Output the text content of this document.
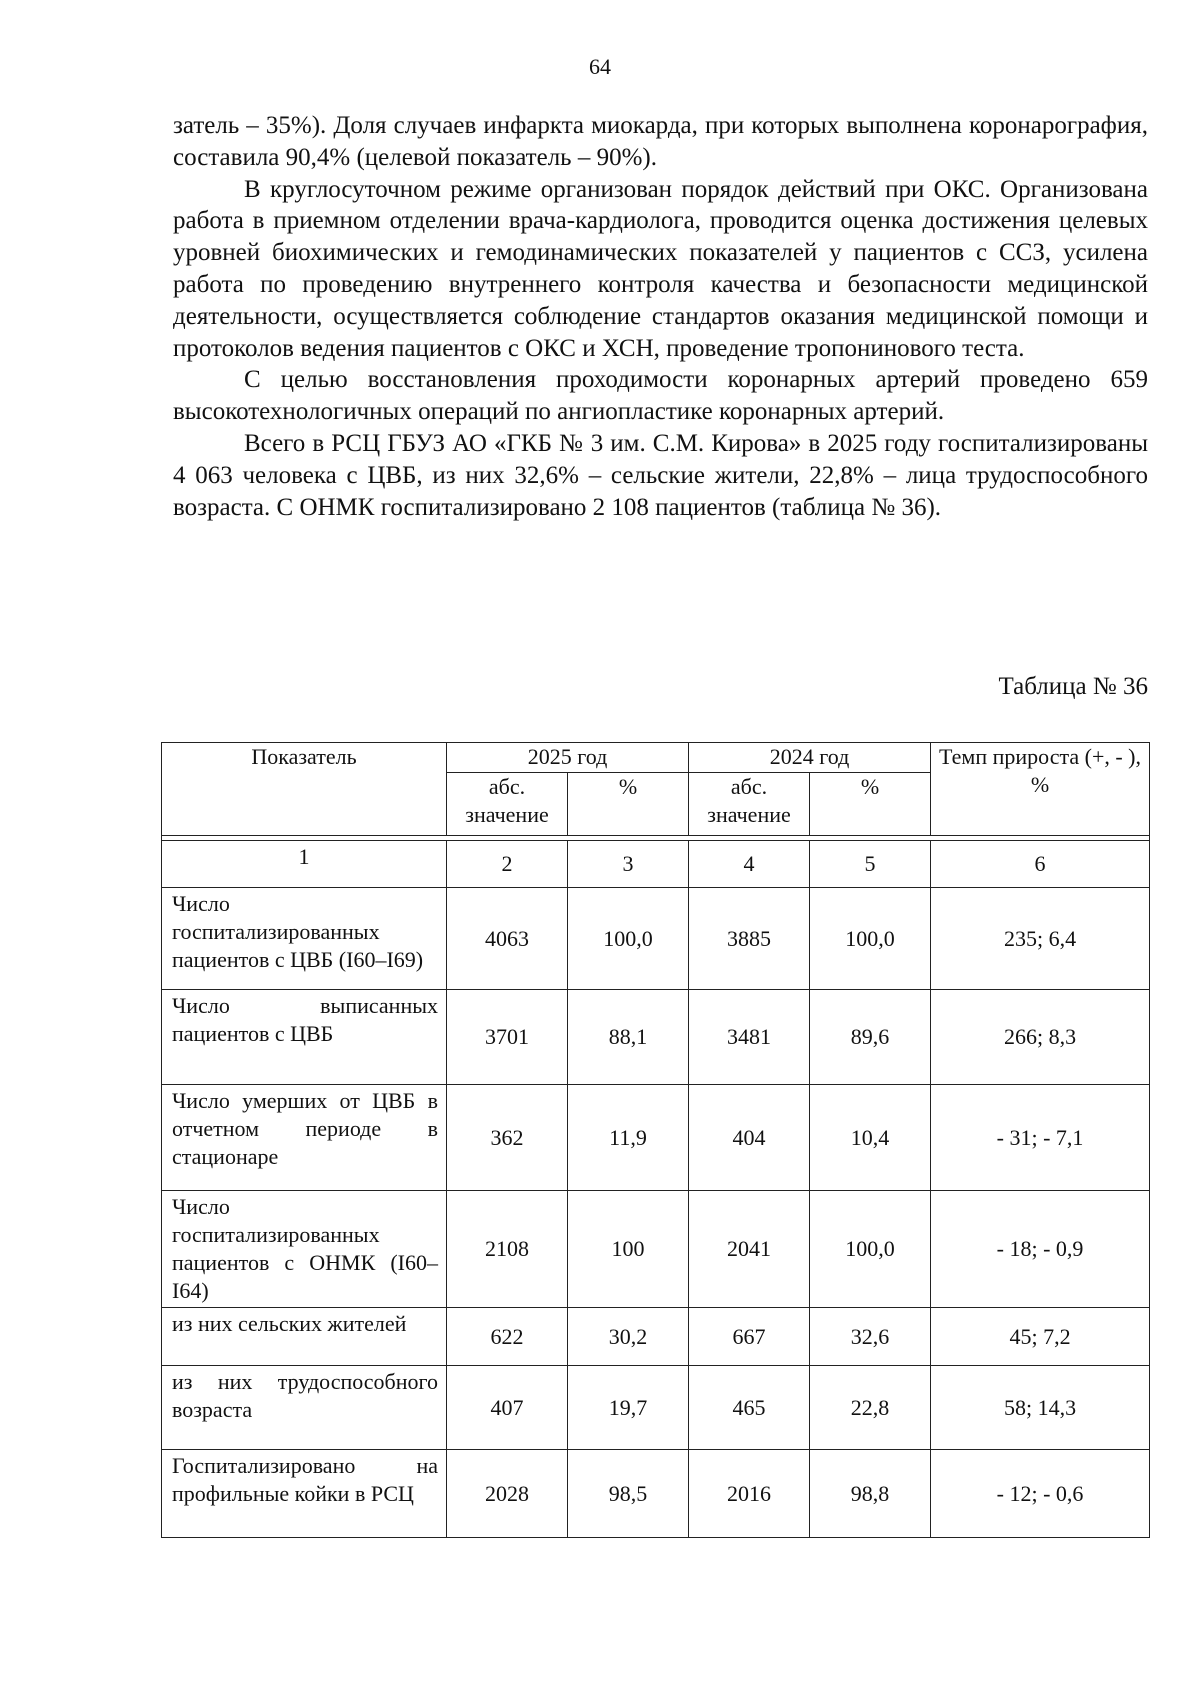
64

затель – 35%). Доля случаев инфаркта миокарда, при которых выполнена коронарография, составила 90,4% (целевой показатель – 90%).

В круглосуточном режиме организован порядок действий при ОКС. Организована работа в приемном отделении врача-кардиолога, проводится оценка достижения целевых уровней биохимических и гемодинамических показателей у пациентов с ССЗ, усилена работа по проведению внутреннего контроля качества и безопасности медицинской деятельности, осуществляется соблюдение стандартов оказания медицинской помощи и протоколов ведения пациентов с ОКС и ХСН, проведение тропонинового теста.

С целью восстановления проходимости коронарных артерий проведено 659 высокотехнологичных операций по ангиопластике коронарных артерий.

Всего в РСЦ ГБУЗ АО «ГКБ № 3 им. С.М. Кирова» в 2025 году госпитализированы 4 063 человека с ЦВБ, из них 32,6% – сельские жители, 22,8% – лица трудоспособного возраста. С ОНМК госпитализировано 2 108 пациентов (таблица № 36).

Таблица № 36
Показатель	2025 год		2024 год		Темп прироста (+, - ), %
	абс. значение	%	абс. значение	%	

1	2	3	4	5	6
Число госпитализированных пациентов с ЦВБ (I60–I69)	4063	100,0	3885	100,0	235; 6,4
Число выписанных пациентов с ЦВБ	3701	88,1	3481	89,6	266; 8,3
Число умерших от ЦВБ в отчетном периоде в стационаре	362	11,9	404	10,4	- 31; - 7,1
Число госпитализированных пациентов с ОНМК (I60–I64)	2108	100	2041	100,0	- 18; - 0,9
из них сельских жителей	622	30,2	667	32,6	45; 7,2
из них трудоспособного возраста	407	19,7	465	22,8	58; 14,3
Госпитализировано на профильные койки в РСЦ	2028	98,5	2016	98,8	- 12; - 0,6
